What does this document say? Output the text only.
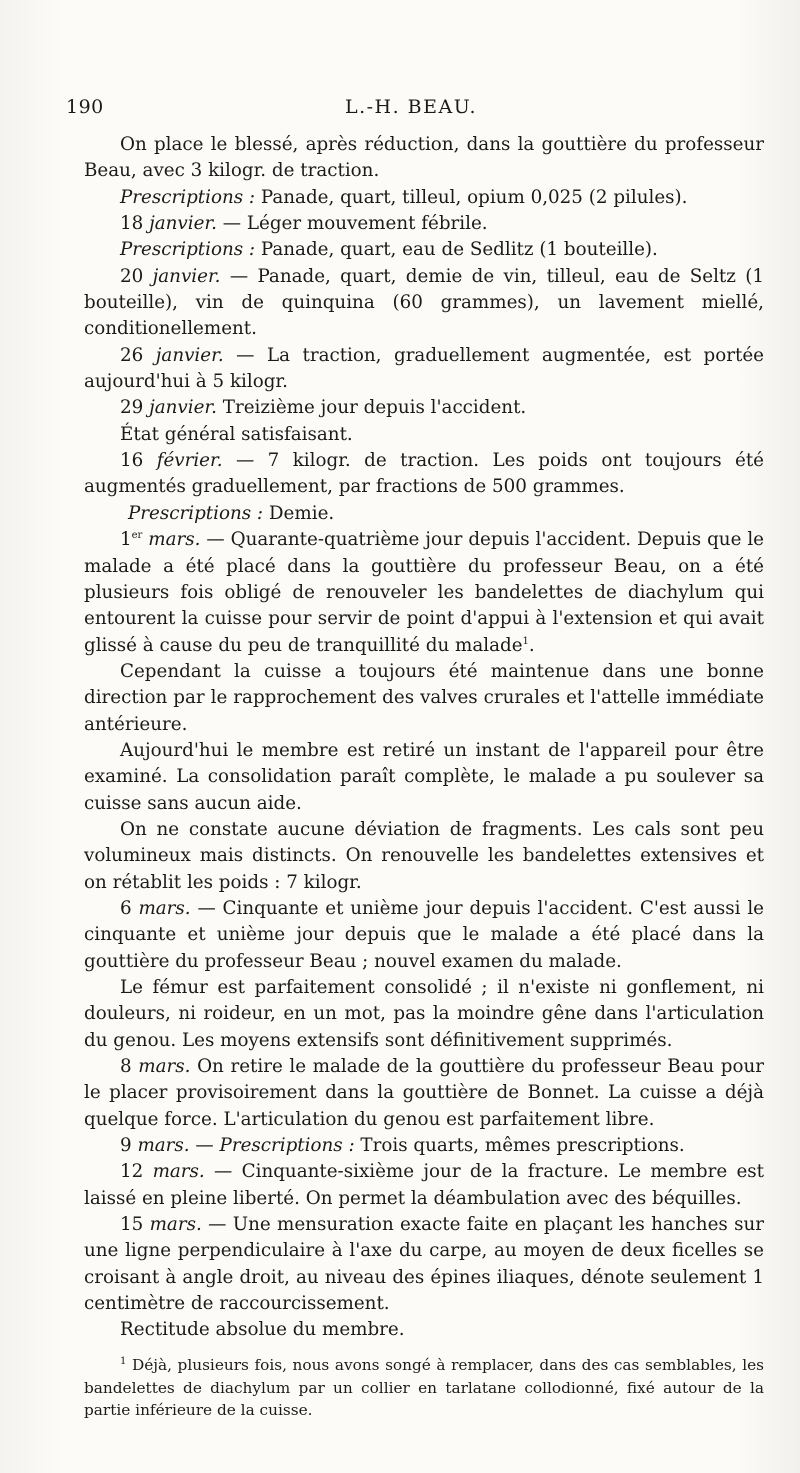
190	L.-H. BEAU.

On place le blessé, après réduction, dans la gouttière du professeur Beau, avec 3 kilogr. de traction.

Prescriptions : Panade, quart, tilleul, opium 0,025 (2 pilules).

18 janvier. — Léger mouvement fébrile.

Prescriptions : Panade, quart, eau de Sedlitz (1 bouteille).

20 janvier. — Panade, quart, demie de vin, tilleul, eau de Seltz (1 bouteille), vin de quinquina (60 grammes), un lavement miellé, conditionellement.

26 janvier. — La traction, graduellement augmentée, est portée aujourd'hui à 5 kilogr.

29 janvier. Treizième jour depuis l'accident.

État général satisfaisant.

16 février. — 7 kilogr. de traction. Les poids ont toujours été augmentés graduellement, par fractions de 500 grammes.

Prescriptions : Demie.

1er mars. — Quarante-quatrième jour depuis l'accident. Depuis que le malade a été placé dans la gouttière du professeur Beau, on a été plusieurs fois obligé de renouveler les bandelettes de diachylum qui entourent la cuisse pour servir de point d'appui à l'extension et qui avait glissé à cause du peu de tranquillité du malade$^1$.

Cependant la cuisse a toujours été maintenue dans une bonne direction par le rapprochement des valves crurales et l'attelle immédiate antérieure.

Aujourd'hui le membre est retiré un instant de l'appareil pour être examiné. La consolidation paraît complète, le malade a pu soulever sa cuisse sans aucun aide.

On ne constate aucune déviation de fragments. Les cals sont peu volumineux mais distincts. On renouvelle les bandelettes extensives et on rétablit les poids : 7 kilogr.

6 mars. — Cinquante et unième jour depuis l'accident. C'est aussi le cinquante et unième jour depuis que le malade a été placé dans la gouttière du professeur Beau ; nouvel examen du malade.

Le fémur est parfaitement consolidé ; il n'existe ni gonflement, ni douleurs, ni roideur, en un mot, pas la moindre gêne dans l'articulation du genou. Les moyens extensifs sont définitivement supprimés.

8 mars. On retire le malade de la gouttière du professeur Beau pour le placer provisoirement dans la gouttière de Bonnet. La cuisse a déjà quelque force. L'articulation du genou est parfaitement libre.

9 mars. — Prescriptions : Trois quarts, mêmes prescriptions.

12 mars. — Cinquante-sixième jour de la fracture. Le membre est laissé en pleine liberté. On permet la déambulation avec des béquilles.

15 mars. — Une mensuration exacte faite en plaçant les hanches sur une ligne perpendiculaire à l'axe du carpe, au moyen de deux ficelles se croisant à angle droit, au niveau des épines iliaques, dénote seulement 1 centimètre de raccourcissement.

Rectitude absolue du membre.

$^1$ Déjà, plusieurs fois, nous avons songé à remplacer, dans des cas semblables, les bandelettes de diachylum par un collier en tarlatane collodionné, fixé autour de la partie inférieure de la cuisse.
